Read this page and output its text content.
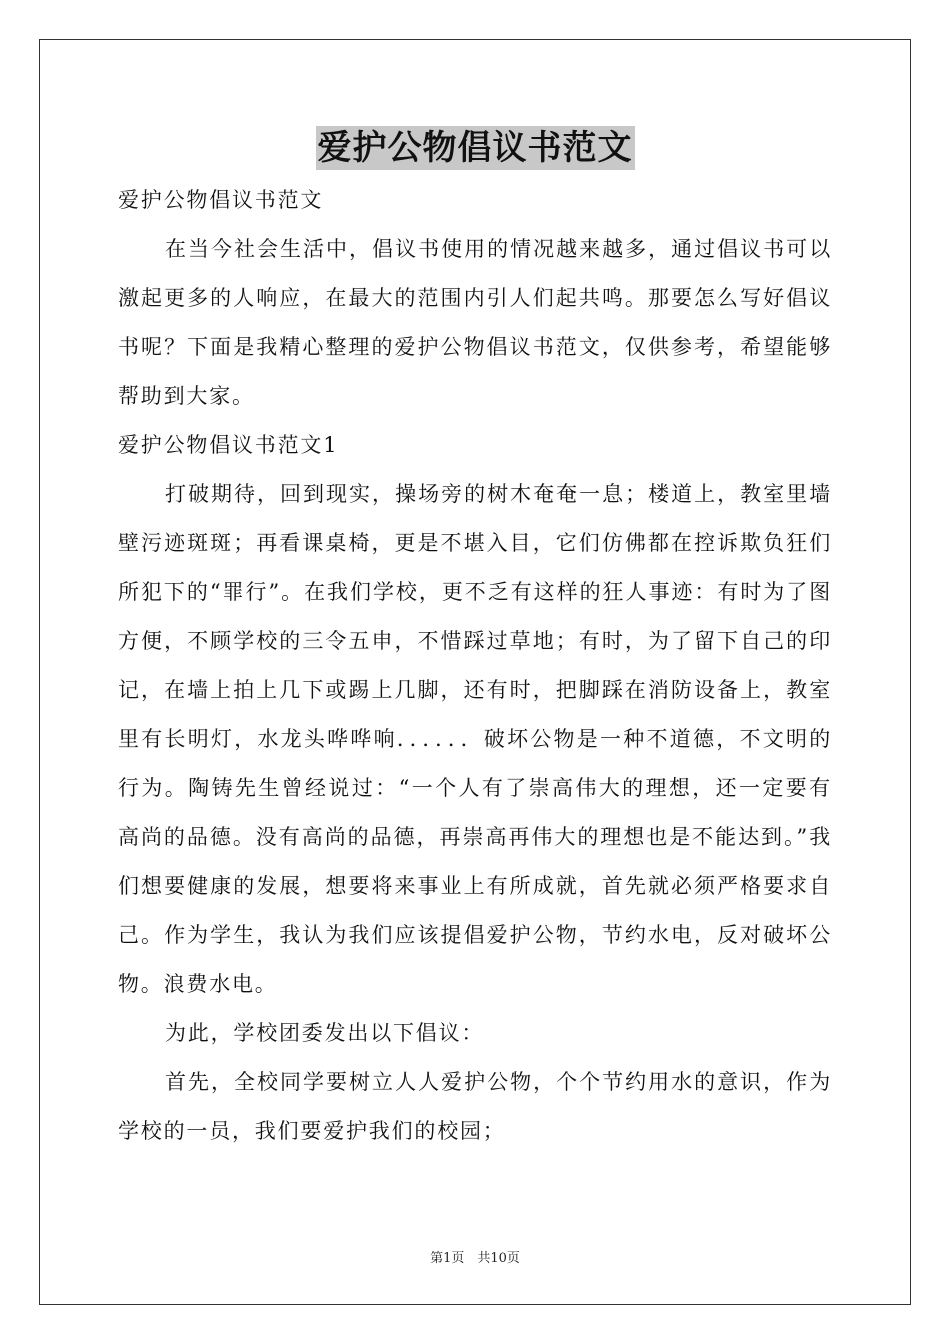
爱护公物倡议书范文

爱护公物倡议书范文

在当今社会生活中，倡议书使用的情况越来越多，通过倡议书可以激起更多的人响应，在最大的范围内引人们起共鸣。那要怎么写好倡议书呢？下面是我精心整理的爱护公物倡议书范文，仅供参考，希望能够帮助到大家。

爱护公物倡议书范文1

打破期待，回到现实，操场旁的树木奄奄一息；楼道上，教室里墙壁污迹斑斑；再看课桌椅，更是不堪入目，它们仿佛都在控诉欺负狂们所犯下的“罪行”。在我们学校，更不乏有这样的狂人事迹：有时为了图方便，不顾学校的三令五申，不惜踩过草地；有时，为了留下自己的印记，在墙上拍上几下或踢上几脚，还有时，把脚踩在消防设备上，教室里有长明灯，水龙头哗哗响．．．．．．破坏公物是一种不道德，不文明的行为。陶铸先生曾经说过：“一个人有了崇高伟大的理想，还一定要有高尚的品德。没有高尚的品德，再崇高再伟大的理想也是不能达到。”我们想要健康的发展，想要将来事业上有所成就，首先就必须严格要求自己。作为学生，我认为我们应该提倡爱护公物，节约水电，反对破坏公物。浪费水电。

为此，学校团委发出以下倡议：

首先，全校同学要树立人人爱护公物，个个节约用水的意识，作为学校的一员，我们要爱护我们的校园；

第1页　共10页
